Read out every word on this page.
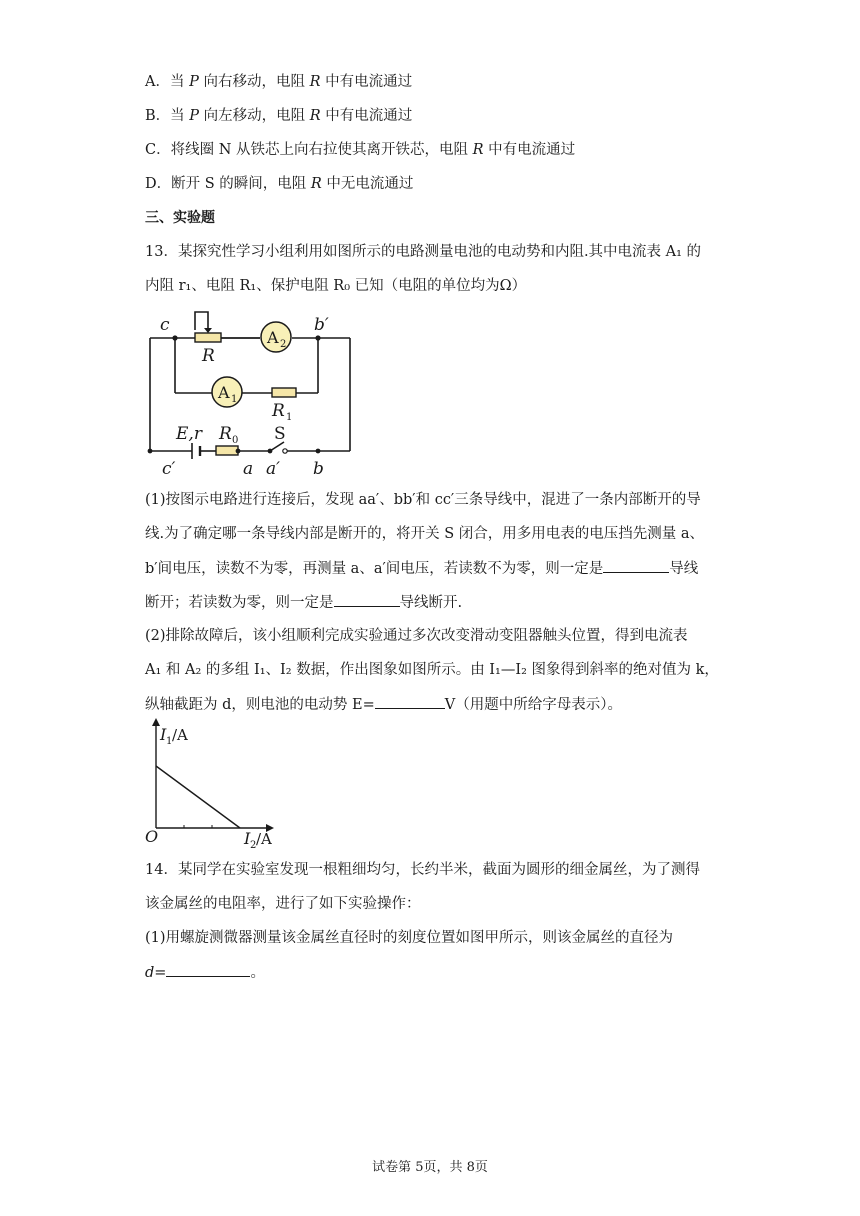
A．当 P 向右移动，电阻 R 中有电流通过
B．当 P 向左移动，电阻 R 中有电流通过
C．将线圈 N 从铁芯上向右拉使其离开铁芯，电阻 R 中有电流通过
D．断开 S 的瞬间，电阻 R 中无电流通过
三、实验题
13．某探究性学习小组利用如图所示的电路测量电池的电动势和内阻.其中电流表 A₁ 的
内阻 r₁、电阻 R₁、保护电阻 R₀ 已知（电阻的单位均为Ω）
A 2
A 1
c	b′
R
R
E,r R
c′	a a′ b
1
0 S
(1)按图示电路进行连接后，发现 aa′、bb′和 cc′三条导线中，混进了一条内部断开的导
线.为了确定哪一条导线内部是断开的，将开关 S 闭合，用多用电表的电压挡先测量 a、
b′间电压，读数不为零，再测量 a、a′间电压，若读数不为零，则一定是	导线
断开；若读数为零，则一定是	导线断开.
(2)排除故障后，该小组顺利完成实验通过多次改变滑动变阻器触头位置，得到电流表
A₁ 和 A₂ 的多组 I₁、I₂ 数据，作出图象如图所示。由 I₁—I₂ 图象得到斜率的绝对值为 k，
纵轴截距为 d，则电池的电动势 E=	V（用题中所给字母表示）。
I 1 /A
I 2 /A
O
14．某同学在实验室发现一根粗细均匀，长约半米，截面为圆形的细金属丝，为了测得
该金属丝的电阻率，进行了如下实验操作：
(1)用螺旋测微器测量该金属丝直径时的刻度位置如图甲所示，则该金属丝的直径为
d=	。
试卷第 5页，共 8页
